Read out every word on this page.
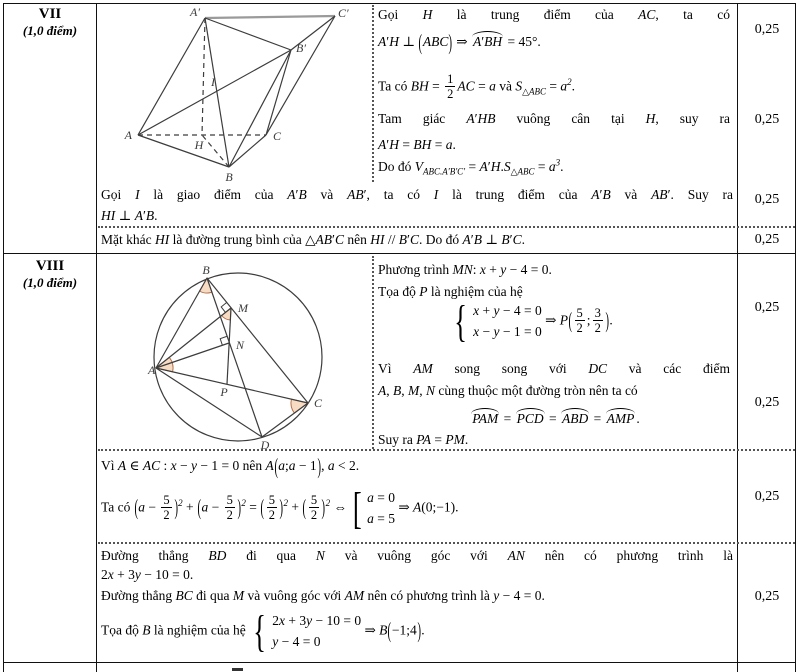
VII
(1,0 điểm)
A′	C′
B′
I
A
H
C
B
Gọi H là trung điểm của AC, ta có
A′H ⊥ (ABC) ⇒ A′BH = 45°.
Ta có BH = $\frac{1}{2}$ AC = a và $S_{\triangle ABC} = a^2$.
Tam giác A′HB vuông cân tại H, suy ra
A′H = BH = a.
Do đó $V_{ABC.A'B'C'} = A'H.S_{\triangle ABC} = a^3$.
Gọi I là giao điểm của A′B và AB′, ta có I là trung điểm của A′B và AB′. Suy ra
HI ⊥ A′B.
Mặt khác HI là đường trung bình của △AB′C nên HI // B′C. Do đó A′B ⊥ B′C.
0,25
0,25
0,25
0,25
VIII
(1,0 điểm)
B
M
N
A
P
C
D
Phương trình MN: x + y − 4 = 0.
Tọa độ P là nghiệm của hệ
{ x + y − 4 = 0
x − y − 1 = 0
⇒ $P( \frac{5}{2}$ ; $\frac{3}{2}$ ).
Vì AM song song với DC và các điểm
A, B, M, N cùng thuộc một đường tròn nên ta có
PAM = PCD = ABD = AMP .
Suy ra PA = PM.
Vì A ∈ AC : x − y − 1 = 0 nên A(a;a − 1), a < 2.
Ta có $(a - \frac{5}{2} )^2 + (a - \frac{5}{2} )^2$ = ( $\frac{5}{2} )^2$ + ( $\frac{5}{2} )^2$ ⇔ [ a = 0
a = 5
⇒ A(0;−1).
Đường thẳng BD đi qua N và vuông góc với AN nên có phương trình là
2x + 3y − 10 = 0.
Đường thẳng BC đi qua M và vuông góc với AM nên có phương trình là y − 4 = 0.
Tọa độ B là nghiệm của hệ { 2x + 3y − 10 = 0
y − 4 = 0
⇒ B(−1;4).
0,25
0,25
0,25
0,25
